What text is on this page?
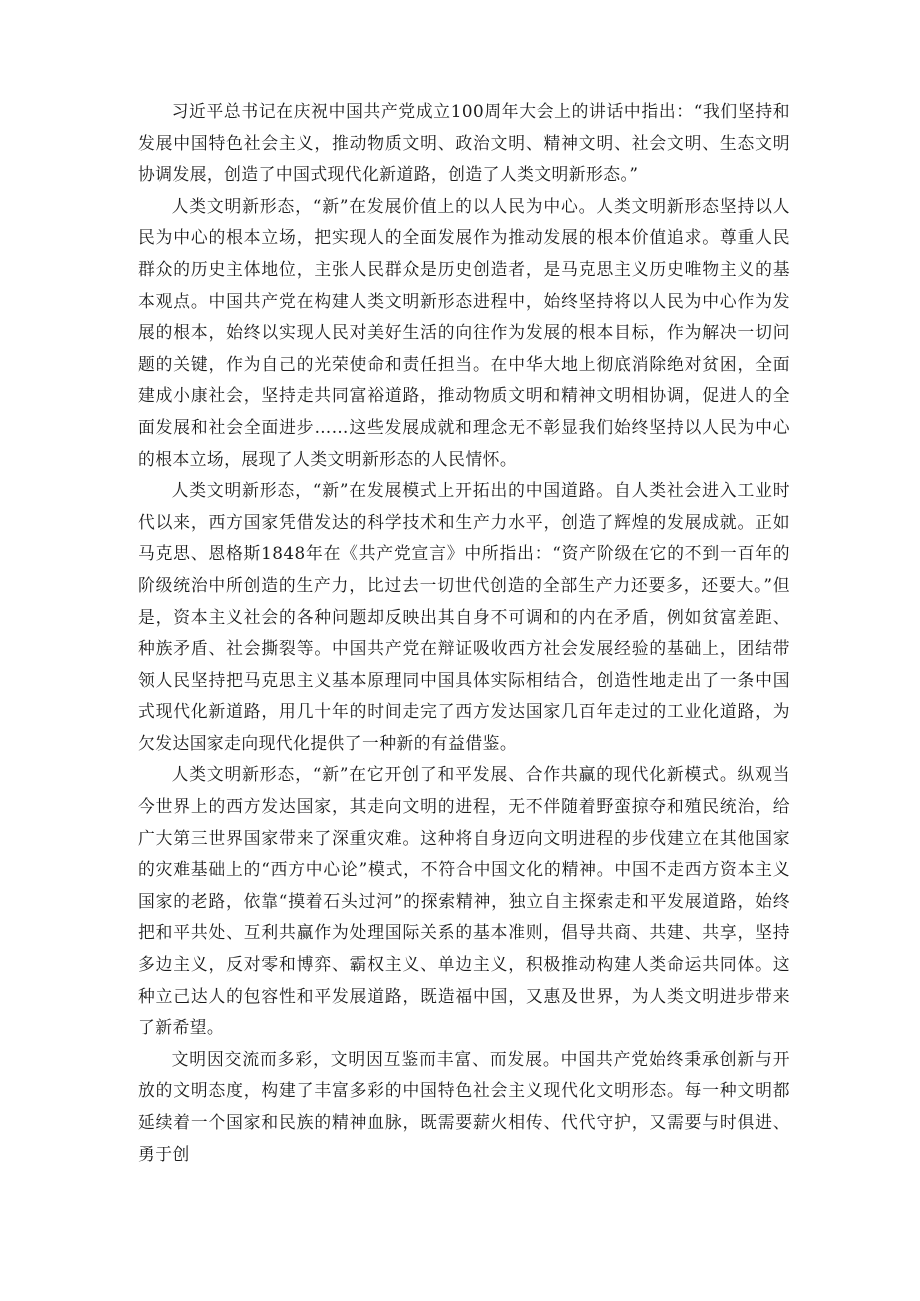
习近平总书记在庆祝中国共产党成立100周年大会上的讲话中指出：“我们坚持和发展中国特色社会主义，推动物质文明、政治文明、精神文明、社会文明、生态文明协调发展，创造了中国式现代化新道路，创造了人类文明新形态。”

人类文明新形态，“新”在发展价值上的以人民为中心。人类文明新形态坚持以人民为中心的根本立场，把实现人的全面发展作为推动发展的根本价值追求。尊重人民群众的历史主体地位，主张人民群众是历史创造者，是马克思主义历史唯物主义的基本观点。中国共产党在构建人类文明新形态进程中，始终坚持将以人民为中心作为发展的根本，始终以实现人民对美好生活的向往作为发展的根本目标，作为解决一切问题的关键，作为自己的光荣使命和责任担当。在中华大地上彻底消除绝对贫困，全面建成小康社会，坚持走共同富裕道路，推动物质文明和精神文明相协调，促进人的全面发展和社会全面进步……这些发展成就和理念无不彰显我们始终坚持以人民为中心的根本立场，展现了人类文明新形态的人民情怀。

人类文明新形态，“新”在发展模式上开拓出的中国道路。自人类社会进入工业时代以来，西方国家凭借发达的科学技术和生产力水平，创造了辉煌的发展成就。正如马克思、恩格斯1848年在《共产党宣言》中所指出：“资产阶级在它的不到一百年的阶级统治中所创造的生产力，比过去一切世代创造的全部生产力还要多，还要大。”但是，资本主义社会的各种问题却反映出其自身不可调和的内在矛盾，例如贫富差距、种族矛盾、社会撕裂等。中国共产党在辩证吸收西方社会发展经验的基础上，团结带领人民坚持把马克思主义基本原理同中国具体实际相结合，创造性地走出了一条中国式现代化新道路，用几十年的时间走完了西方发达国家几百年走过的工业化道路，为欠发达国家走向现代化提供了一种新的有益借鉴。

人类文明新形态，“新”在它开创了和平发展、合作共赢的现代化新模式。纵观当今世界上的西方发达国家，其走向文明的进程，无不伴随着野蛮掠夺和殖民统治，给广大第三世界国家带来了深重灾难。这种将自身迈向文明进程的步伐建立在其他国家的灾难基础上的“西方中心论”模式，不符合中国文化的精神。中国不走西方资本主义国家的老路，依靠“摸着石头过河”的探索精神，独立自主探索走和平发展道路，始终把和平共处、互利共赢作为处理国际关系的基本准则，倡导共商、共建、共享，坚持多边主义，反对零和博弈、霸权主义、单边主义，积极推动构建人类命运共同体。这种立己达人的包容性和平发展道路，既造福中国，又惠及世界，为人类文明进步带来了新希望。

文明因交流而多彩，文明因互鉴而丰富、而发展。中国共产党始终秉承创新与开放的文明态度，构建了丰富多彩的中国特色社会主义现代化文明形态。每一种文明都延续着一个国家和民族的精神血脉，既需要薪火相传、代代守护，又需要与时俱进、勇于创
